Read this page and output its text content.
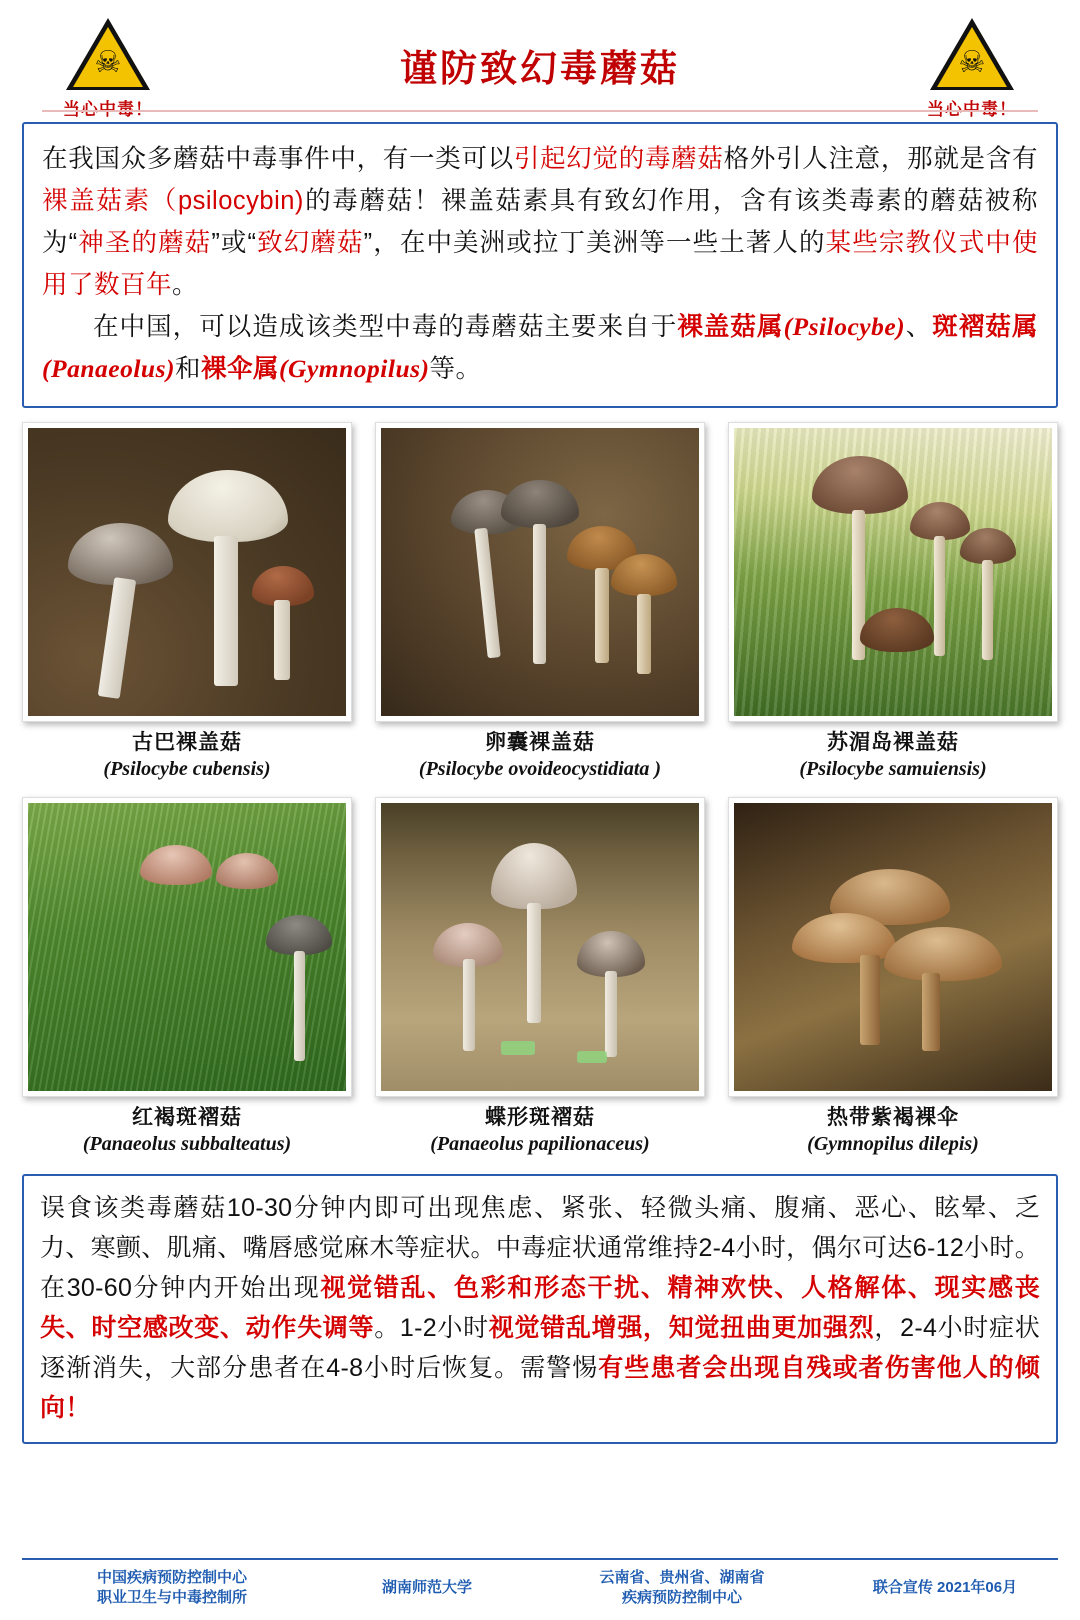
☠	谨防致幻毒蘑菇	☠

在我国众多蘑菇中毒事件中，有一类可以引起幻觉的毒蘑菇格外引人注意，那就是含有裸盖菇素（psilocybin)的毒蘑菇！裸盖菇素具有致幻作用，含有该类毒素的蘑菇被称为“神圣的蘑菇”或“致幻蘑菇”，在中美洲或拉丁美洲等一些土著人的某些宗教仪式中使用了数百年。

在中国，可以造成该类型中毒的毒蘑菇主要来自于裸盖菇属(Psilocybe)、斑褶菇属(Panaeolus)和裸伞属(Gymnopilus)等。

古巴裸盖菇
(Psilocybe cubensis)
卵囊裸盖菇
(Psilocybe ovoideocystidiata )
苏湄岛裸盖菇
(Psilocybe samuiensis)
红褐斑褶菇
(Panaeolus subbalteatus)
蝶形斑褶菇
(Panaeolus papilionaceus)
热带紫褐裸伞
(Gymnopilus dilepis)

误食该类毒蘑菇10-30分钟内即可出现焦虑、紧张、轻微头痛、腹痛、恶心、眩晕、乏力、寒颤、肌痛、嘴唇感觉麻木等症状。中毒症状通常维持2-4小时，偶尔可达6-12小时。在30-60分钟内开始出现视觉错乱、色彩和形态干扰、精神欢快、人格解体、现实感丧失、时空感改变、动作失调等。1-2小时视觉错乱增强，知觉扭曲更加强烈，2-4小时症状逐渐消失，大部分患者在4-8小时后恢复。需警惕有些患者会出现自残或者伤害他人的倾向！

中国疾病预防控制中心
职业卫生与中毒控制所
湖南师范大学
云南省、贵州省、湖南省
疾病预防控制中心
联合宣传 2021年06月
